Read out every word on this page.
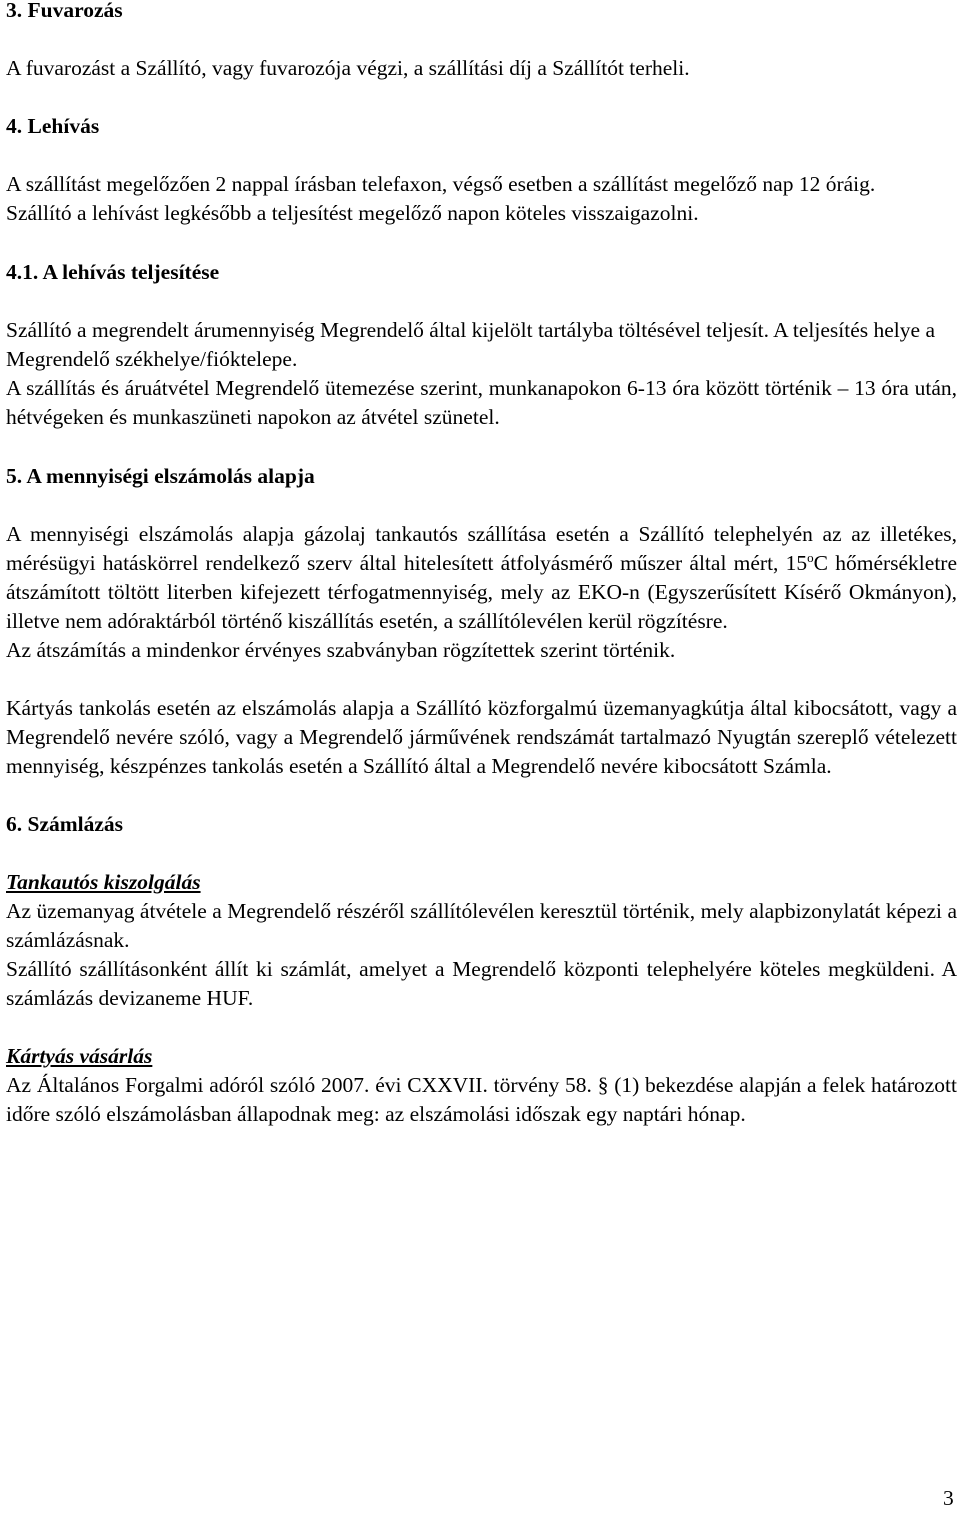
3. Fuvarozás

A fuvarozást a Szállító, vagy fuvarozója végzi, a szállítási díj a Szállítót terheli.

4. Lehívás

A szállítást megelőzően 2 nappal írásban telefaxon, végső esetben a szállítást megelőző nap 12 óráig.

Szállító a lehívást legkésőbb a teljesítést megelőző napon köteles visszaigazolni.

4.1. A lehívás teljesítése

Szállító a megrendelt árumennyiség Megrendelő által kijelölt tartályba töltésével teljesít. A teljesítés helye a Megrendelő székhelye/fióktelepe.

A szállítás és áruátvétel Megrendelő ütemezése szerint, munkanapokon 6-13 óra között történik – 13 óra után, hétvégeken és munkaszüneti napokon az átvétel szünetel.

5. A mennyiségi elszámolás alapja

A mennyiségi elszámolás alapja gázolaj tankautós szállítása esetén a Szállító telephelyén az az illetékes, mérésügyi hatáskörrel rendelkező szerv által hitelesített átfolyásmérő műszer által mért, 15$^o$C hőmérsékletre átszámított töltött literben kifejezett térfogatmennyiség, mely az EKO-n (Egyszerűsített Kísérő Okmányon), illetve nem adóraktárból történő kiszállítás esetén, a szállítólevélen kerül rögzítésre.

Az átszámítás a mindenkor érvényes szabványban rögzítettek szerint történik.

Kártyás tankolás esetén az elszámolás alapja a Szállító közforgalmú üzemanyagkútja által kibocsátott, vagy a Megrendelő nevére szóló, vagy a Megrendelő járművének rendszámát tartalmazó Nyugtán szereplő vételezett mennyiség, készpénzes tankolás esetén a Szállító által a Megrendelő nevére kibocsátott Számla.

6. Számlázás

Tankautós kiszolgálás

Az üzemanyag átvétele a Megrendelő részéről szállítólevélen keresztül történik, mely alapbizonylatát képezi a számlázásnak.

Szállító szállításonként állít ki számlát, amelyet a Megrendelő központi telephelyére köteles megküldeni. A számlázás devizaneme HUF.

Kártyás vásárlás

Az Általános Forgalmi adóról szóló 2007. évi CXXVII. törvény 58. § (1) bekezdése alapján a felek határozott időre szóló elszámolásban állapodnak meg: az elszámolási időszak egy naptári hónap.

3
